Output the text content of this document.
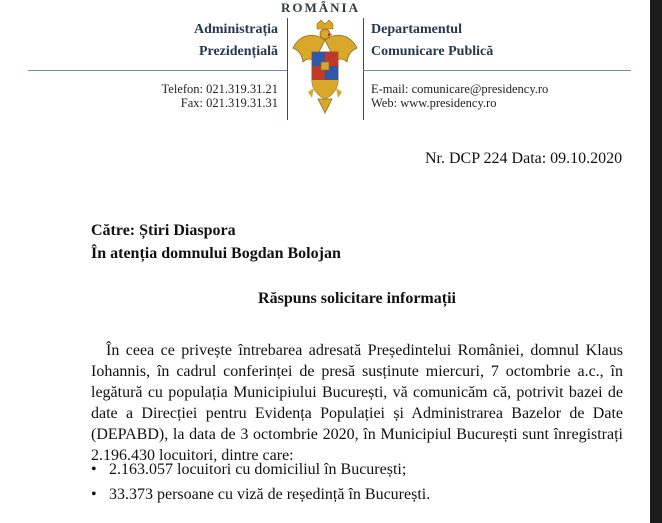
ROMÂNIA
Administrația
Prezidențială
Departamentul
Comunicare Publică
Telefon: 021.319.31.21
Fax: 021.319.31.31
E-mail: comunicare@presidency.ro
Web: www.presidency.ro
Nr. DCP 224 Data: 09.10.2020
Către: Știri Diaspora
În atenția domnului Bogdan Bolojan
Răspuns solicitare informații
În ceea ce privește întrebarea adresată Președintelui României, domnul Klaus Iohannis, în cadrul conferinței de presă susținute miercuri, 7 octombrie a.c., în legătură cu populația Municipiului București, vă comunicăm că, potrivit bazei de date a Direcției pentru Evidența Populației și Administrarea Bazelor de Date (DEPABD), la data de 3 octombrie 2020, în Municipiul București sunt înregistrați 2.196.430 locuitori, dintre care:
• 2.163.057 locuitori cu domiciliul în București;
• 33.373 persoane cu viză de reședință în București.
